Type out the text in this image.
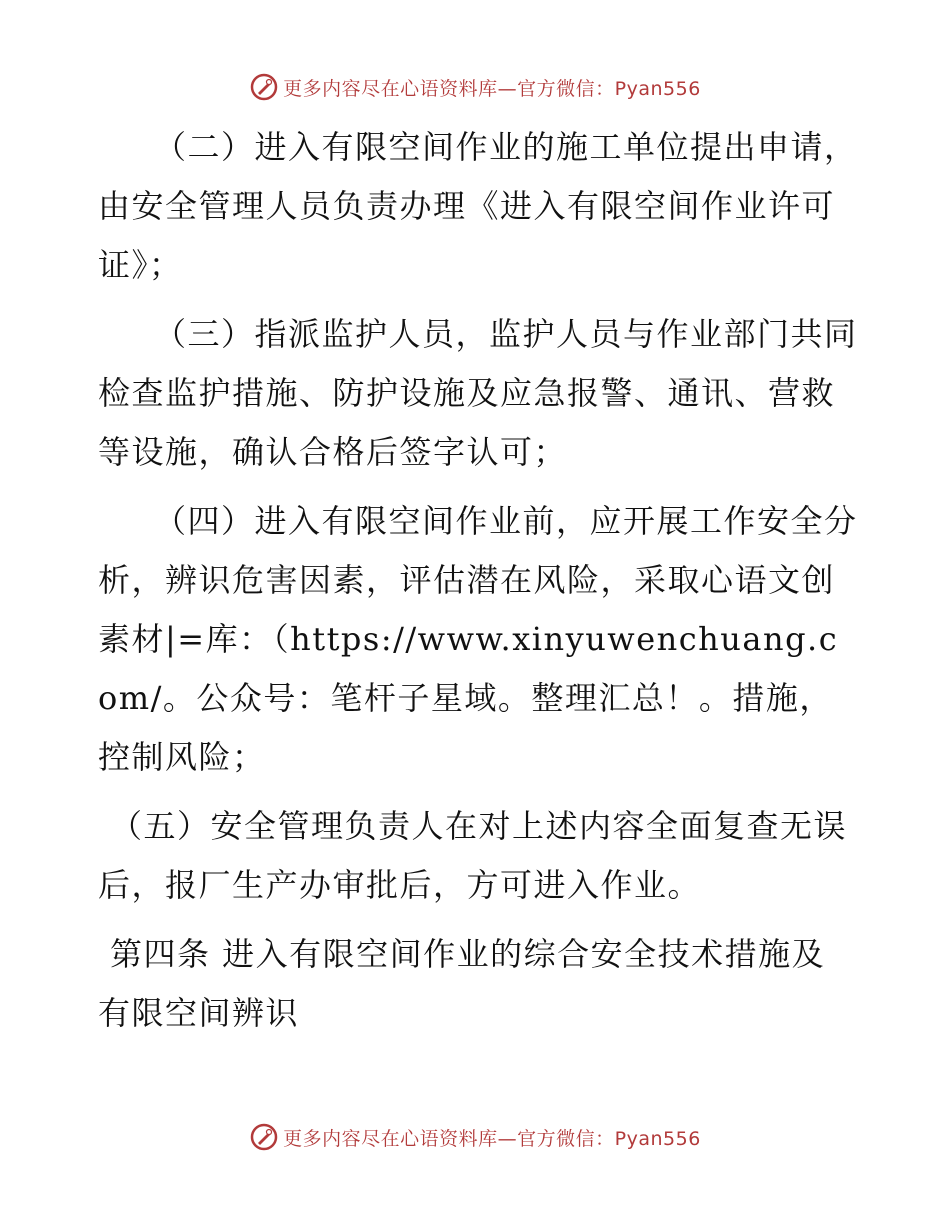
更多内容尽在心语资料库—官方微信：Pyan556

（二）进入有限空间作业的施工单位提出申请，由安全管理人员负责办理《进入有限空间作业许可证》；

（三）指派监护人员，监护人员与作业部门共同检查监护措施、防护设施及应急报警、通讯、营救等设施，确认合格后签字认可；

（四）进入有限空间作业前，应开展工作安全分析，辨识危害因素，评估潜在风险，采取心语文创素材|=库：（https://www.xinyuwenchuang.com/。公众号：笔杆子星域。整理汇总！。措施，控制风险；

（五）安全管理负责人在对上述内容全面复查无误后，报厂生产办审批后，方可进入作业。

第四条 进入有限空间作业的综合安全技术措施及有限空间辨识

更多内容尽在心语资料库—官方微信：Pyan556
